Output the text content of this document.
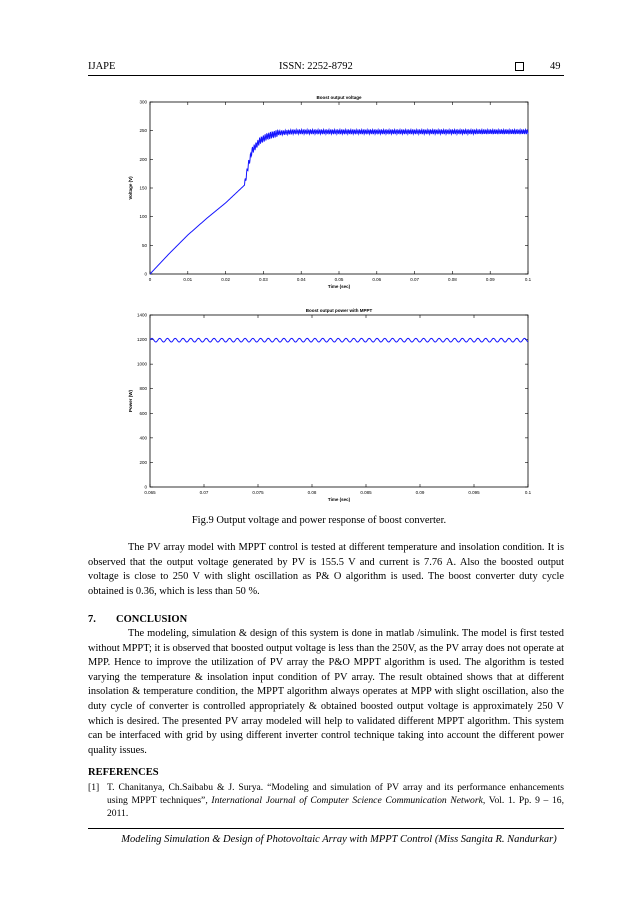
IJAPE	ISSN: 2252-8792	49
Boost output voltage
Time (sec)
Voltage (V)
0	0.01	0.02	0.03	0.04	0.05	0.06	0.07	0.08	0.09	0.1
0
50
100
150
200
250
300
Boost output power with MPPT
Time (sec)
Power (W)
0.065	0.07	0.075	0.08	0.085	0.09	0.095	0.1
0
200
400
600
800
1000
1200
1400
Fig.9 Output voltage and power response of boost converter.
The PV array model with MPPT control is tested at different temperature and insolation condition. It is observed that the output voltage generated by PV is 155.5 V and current is 7.76 A. Also the boosted output voltage is close to 250 V with slight oscillation as P& O algorithm is used. The boost converter duty cycle obtained is 0.36, which is less than 50 %.
7. CONCLUSION
The modeling, simulation & design of this system is done in matlab /simulink. The model is first tested without MPPT; it is observed that boosted output voltage is less than the 250V, as the PV array does not operate at MPP. Hence to improve the utilization of PV array the P&O MPPT algorithm is used. The algorithm is tested varying the temperature & insolation input condition of PV array. The result obtained shows that at different insolation & temperature condition, the MPPT algorithm always operates at MPP with slight oscillation, also the duty cycle of converter is controlled appropriately & obtained boosted output voltage is approximately 250 V which is desired. The presented PV array modeled will help to validated different MPPT algorithm. This system can be interfaced with grid by using different inverter control technique taking into account the different power quality issues.
REFERENCES
[1] T. Chanitanya, Ch.Saibabu & J. Surya. “Modeling and simulation of PV array and its performance enhancements using MPPT techniques”, International Journal of Computer Science Communication Network, Vol. 1. Pp. 9 – 16, 2011.
Modeling Simulation & Design of Photovoltaic Array with MPPT Control (Miss Sangita R. Nandurkar)
